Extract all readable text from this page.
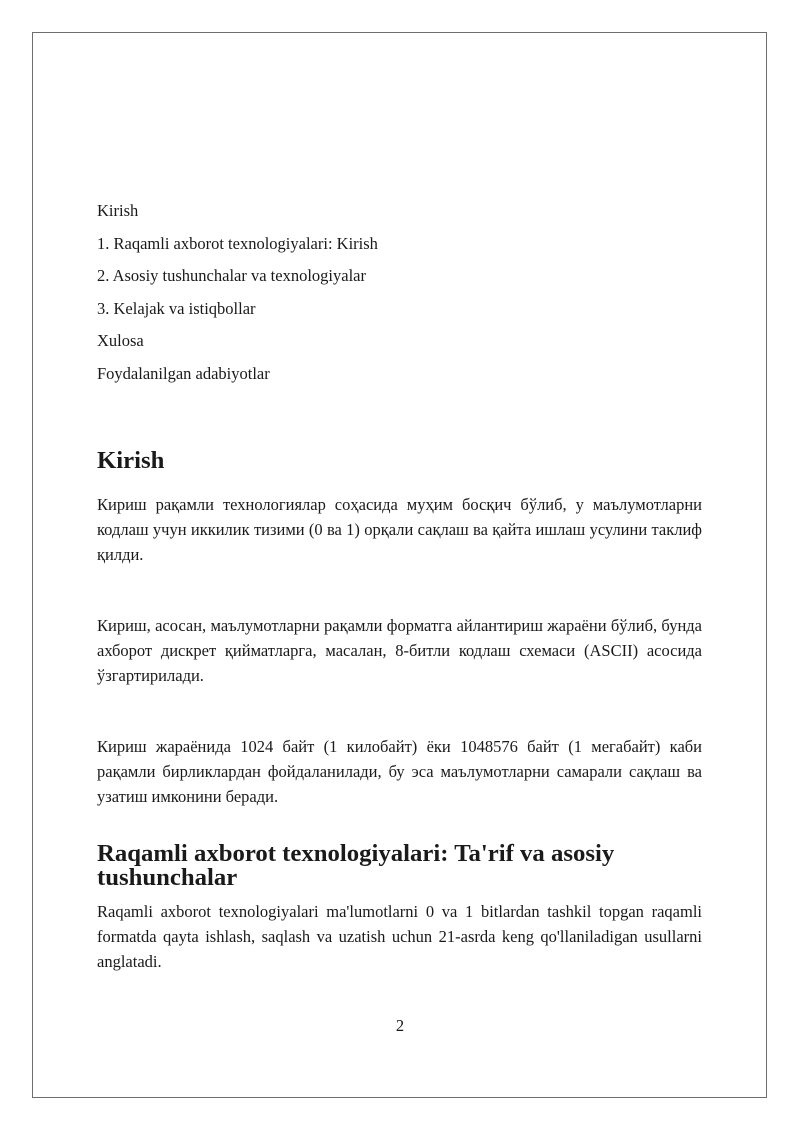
Kirish

1. Raqamli axborot texnologiyalari: Kirish

2. Asosiy tushunchalar va texnologiyalar

3. Kelajak va istiqbollar

Xulosa

Foydalanilgan adabiyotlar

Kirish

Кириш рақамли технологиялар соҳасида муҳим босқич бўлиб, у маълумотларни кодлаш учун иккилик тизими (0 ва 1) орқали сақлаш ва қайта ишлаш усулини таклиф қилди.

Кириш, асосан, маълумотларни рақамли форматга айлантириш жараёни бўлиб, бунда ахборот дискрет қийматларга, масалан, 8-битли кодлаш схемаси (ASCII) асосида ўзгартирилади.

Кириш жараёнида 1024 байт (1 килобайт) ёки 1048576 байт (1 мегабайт) каби рақамли бирликлардан фойдаланилади, бу эса маълумотларни самарали сақлаш ва узатиш имконини беради.

Raqamli axborot texnologiyalari: Ta'rif va asosiy tushunchalar

Raqamli axborot texnologiyalari ma'lumotlarni 0 va 1 bitlardan tashkil topgan raqamli formatda qayta ishlash, saqlash va uzatish uchun 21-asrda keng qo'llaniladigan usullarni anglatadi.

2
